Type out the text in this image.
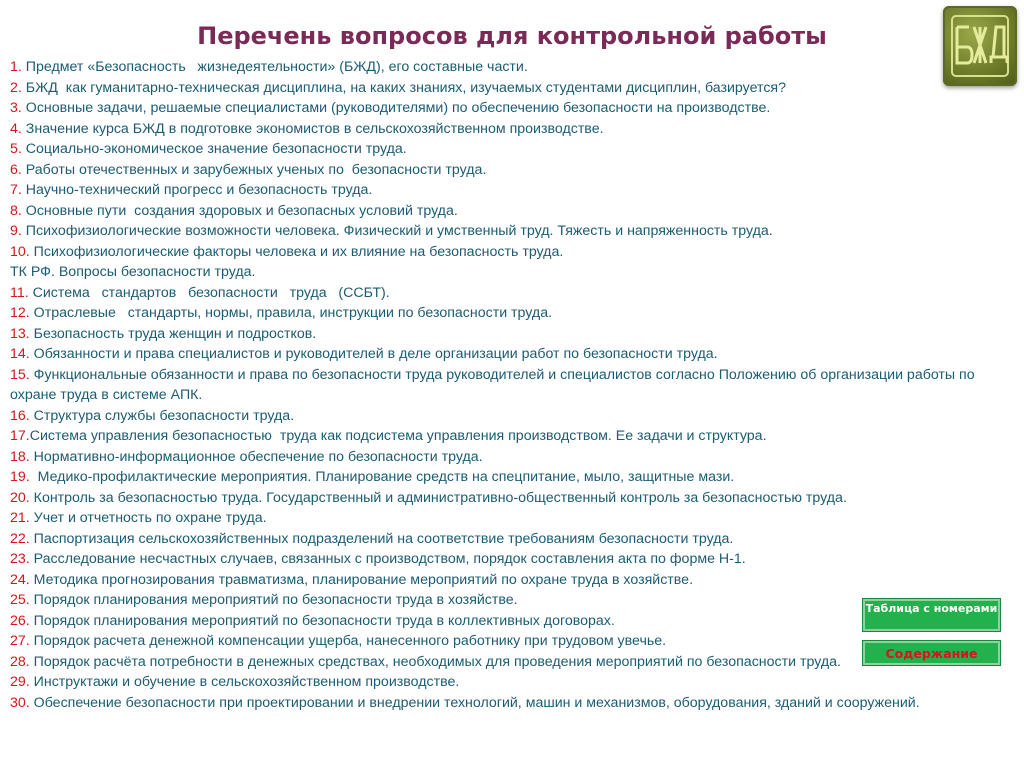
Перечень вопросов для контрольной работы
1. Предмет «Безопасность   жизнедеятельности» (БЖД), его составные части.
2. БЖД  как гуманитарно-техническая дисциплина, на каких знаниях, изучаемых студентами дисциплин, базируется?
3. Основные задачи, решаемые специалистами (руководителями) по обеспечению безопасности на производстве.
4. Значение курса БЖД в подготовке экономистов в сельскохозяйственном производстве.
5. Социально-экономическое значение безопасности труда.
6. Работы отечественных и зарубежных ученых по  безопасности труда.
7. Научно-технический прогресс и безопасность труда.
8. Основные пути  создания здоровых и безопасных условий труда.
9. Психофизиологические возможности человека. Физический и умственный труд. Тяжесть и напряженность труда.
10. Психофизиологические факторы человека и их влияние на безопасность труда.
ТК РФ. Вопросы безопасности труда.
11. Система   стандартов   безопасности   труда   (ССБТ).
12. Отраслевые   стандарты, нормы, правила, инструкции по безопасности труда.
13. Безопасность труда женщин и подростков.
14. Обязанности и права специалистов и руководителей в деле организации работ по безопасности труда.
15. Функциональные обязанности и права по безопасности труда руководителей и специалистов согласно Положению об организации работы по охране труда в системе АПК.
16. Структура службы безопасности труда.
17.Система управления безопасностью  труда как подсистема управления производством. Ее задачи и структура.
18. Нормативно-информационное обеспечение по безопасности труда.
19.  Медико-профилактические мероприятия. Планирование средств на спецпитание, мыло, защитные мази.
20. Контроль за безопасностью труда. Государственный и административно-общественный контроль за безопасностью труда.
21. Учет и отчетность по охране труда.
22. Паспортизация сельскохозяйственных подразделений на соответствие требованиям безопасности труда.
23. Расследование несчастных случаев, связанных с производством, порядок составления акта по форме Н-1.
24. Методика прогнозирования травматизма, планирование мероприятий по охране труда в хозяйстве.
25. Порядок планирования мероприятий по безопасности труда в хозяйстве.
26. Порядок планирования мероприятий по безопасности труда в коллективных договорах.
27. Порядок расчета денежной компенсации ущерба, нанесенного работнику при трудовом увечье.
28. Порядок расчёта потребности в денежных средствах, необходимых для проведения мероприятий по безопасности труда.
29. Инструктажи и обучение в сельскохозяйственном производстве.
30. Обеспечение безопасности при проектировании и внедрении технологий, машин и механизмов, оборудования, зданий и сооружений.
Таблица с номерами
Содержание
